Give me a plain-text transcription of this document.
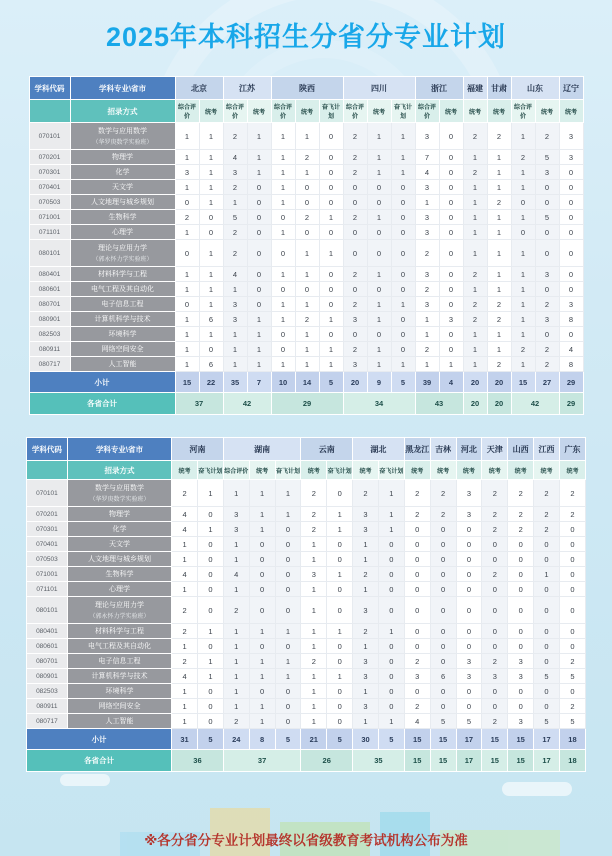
2025年本科招生分省分专业计划
学科代码	学科专业\省市	北京		江苏		陕西			四川			浙江		福建	甘肃	山东		辽宁
	招录方式	综合评价	统考	综合评价	统考	综合评价	统考	奋飞计划	综合评价	统考	奋飞计划	综合评价	统考	统考	统考	综合评价	统考	统考
070101	数学与应用数学
（华罗庚数学实验班）	1	1	2	1	1	1	0	2	1	1	3	0	2	2	1	2	3
070201	物理学	1	1	4	1	1	2	0	2	1	1	7	0	1	1	2	5	3
070301	化学	3	1	3	1	1	1	0	2	1	1	4	0	2	1	1	3	0
070401	天文学	1	1	2	0	1	0	0	0	0	0	3	0	1	1	1	0	0
070503	人文地理与城乡规划	0	1	1	0	1	0	0	0	0	0	1	0	1	2	0	0	0
071001	生物科学	2	0	5	0	0	2	1	2	1	0	3	0	1	1	1	5	0
071101	心理学	1	0	2	0	1	0	0	0	0	0	3	0	1	1	0	0	0
080101	理论与应用力学
（郭永怀力学实验班）	0	1	2	0	0	1	1	0	0	0	2	0	1	1	1	0	0
080401	材料科学与工程	1	1	4	0	1	1	0	2	1	0	3	0	2	1	1	3	0
080601	电气工程及其自动化	1	1	1	0	0	0	0	0	0	0	2	0	1	1	1	0	0
080701	电子信息工程	0	1	3	0	1	1	0	2	1	1	3	0	2	2	1	2	3
080901	计算机科学与技术	1	6	3	1	1	2	1	3	1	0	1	3	2	2	1	3	8
082503	环境科学	1	1	1	1	0	1	0	0	0	0	1	0	1	1	1	0	0
080911	网络空间安全	1	0	1	1	0	1	1	2	1	0	2	0	1	1	2	2	4
080717	人工智能	1	6	1	1	1	1	1	3	1	1	1	1	1	2	1	2	8
小计		15	22	35	7	10	14	5	20	9	5	39	4	20	20	15	27	29
各省合计		37		42		29			34			43		20	20	42		29
学科代码	学科专业\省市	河南		湖南			云南		湖北		黑龙江	吉林	河北	天津	山西	江西	广东
	招录方式	统考	奋飞计划	综合评价	统考	奋飞计划	统考	奋飞计划	统考	奋飞计划	统考	统考	统考	统考	统考	统考	统考
070101	数学与应用数学
（华罗庚数学实验班）	2	1	1	1	1	2	0	2	1	2	2	3	2	2	2	2
070201	物理学	4	0	3	1	1	2	1	3	1	2	2	3	2	2	2	2
070301	化学	4	1	3	1	0	2	1	3	1	0	0	0	2	2	2	0
070401	天文学	1	0	1	0	0	1	0	1	0	0	0	0	0	0	0	0
070503	人文地理与城乡规划	1	0	1	0	0	1	0	1	0	0	0	0	0	0	0	0
071001	生物科学	4	0	4	0	0	3	1	2	0	0	0	0	2	0	1	0
071101	心理学	1	0	1	0	0	1	0	1	0	0	0	0	0	0	0	0
080101	理论与应用力学
（郭永怀力学实验班）	2	0	2	0	0	1	0	3	0	0	0	0	0	0	0	0
080401	材料科学与工程	2	1	1	1	1	1	1	2	1	0	0	0	0	0	0	0
080601	电气工程及其自动化	1	0	1	0	0	1	0	1	0	0	0	0	0	0	0	0
080701	电子信息工程	2	1	1	1	1	2	0	3	0	2	0	3	2	3	0	2
080901	计算机科学与技术	4	1	1	1	1	1	1	3	0	3	6	3	3	3	5	5
082503	环境科学	1	0	1	0	0	1	0	1	0	0	0	0	0	0	0	0
080911	网络空间安全	1	0	1	1	0	1	0	3	0	2	0	0	0	0	0	2
080717	人工智能	1	0	2	1	0	1	0	1	1	4	5	5	2	3	5	5
小计		31	5	24	8	5	21	5	30	5	15	15	17	15	15	17	18
各省合计		36		37			26		35		15	15	17	15	15	17	18
※各分省分专业计划最终以省级教育考试机构公布为准
